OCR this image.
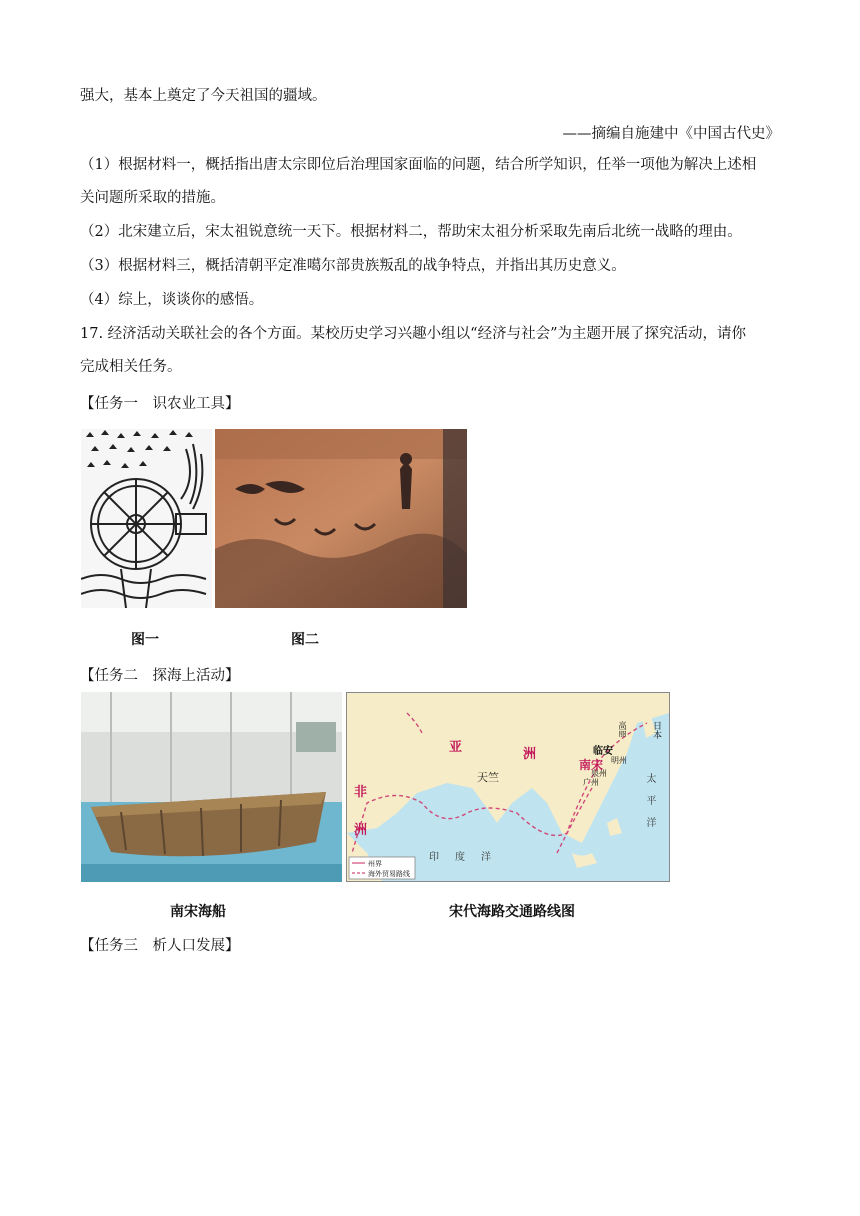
强大，基本上奠定了今天祖国的疆域。
——摘编自施建中《中国古代史》
（1）根据材料一，概括指出唐太宗即位后治理国家面临的问题，结合所学知识，任举一项他为解决上述相
关问题所采取的措施。
（2）北宋建立后，宋太祖锐意统一天下。根据材料二，帮助宋太祖分析采取先南后北统一战略的理由。
（3）根据材料三，概括清朝平定准噶尔部贵族叛乱的战争特点，并指出其历史意义。
（4）综上，谈谈你的感悟。
17. 经济活动关联社会的各个方面。某校历史学习兴趣小组以“经济与社会”为主题开展了探究活动，请你
完成相关任务。
【任务一　识农业工具】
图一	图二
【任务二　探海上活动】
亚	洲
非
洲
天竺
南宋
临安
广州
泉州
明州
高丽	日本
太平洋
印度洋
州界
海外贸易路线
南宋海船	宋代海路交通路线图
【任务三　析人口发展】
